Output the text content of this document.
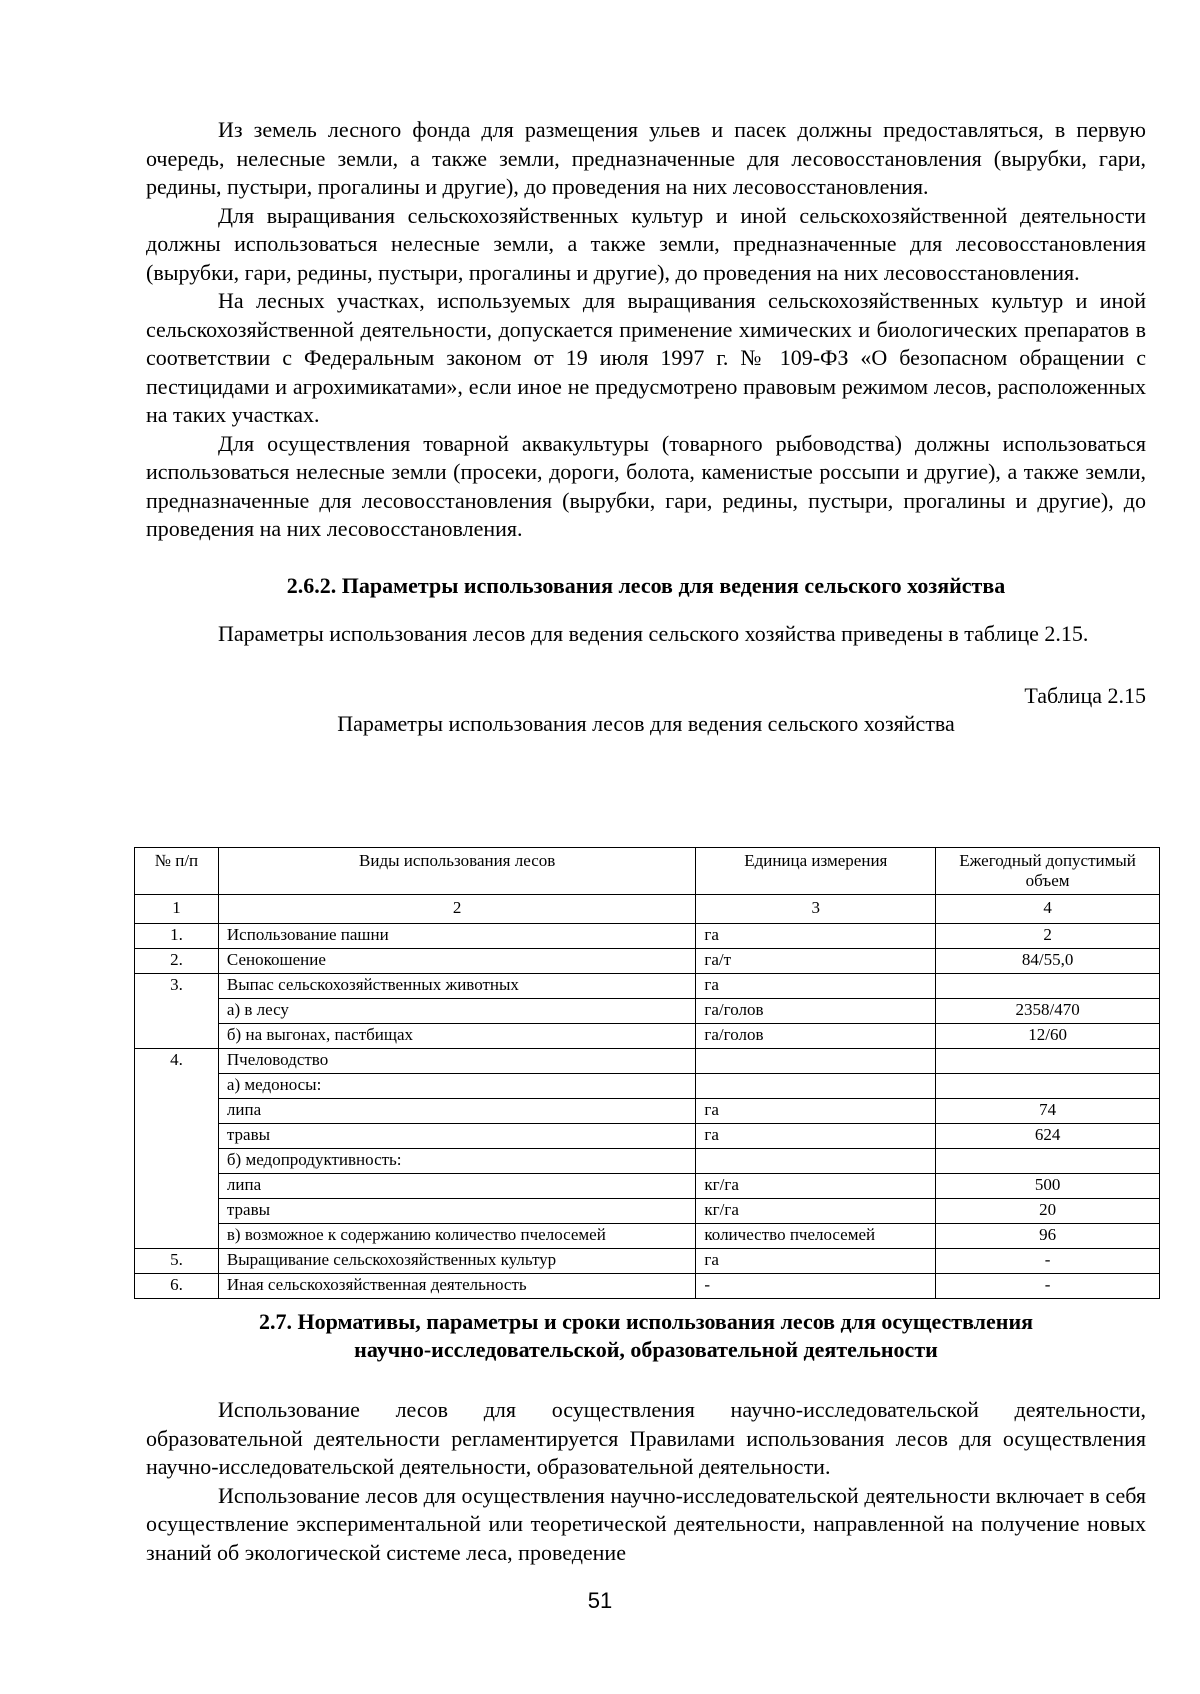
Из земель лесного фонда для размещения ульев и пасек должны предоставляться, в первую очередь, нелесные земли, а также земли, предназначенные для лесовосстановления (вырубки, гари, редины, пустыри, прогалины и другие), до проведения на них лесовосстановления.

Для выращивания сельскохозяйственных культур и иной сельскохозяйственной деятельности должны использоваться нелесные земли, а также земли, предназначенные для лесовосстановления (вырубки, гари, редины, пустыри, прогалины и другие), до проведения на них лесовосстановления.

На лесных участках, используемых для выращивания сельскохозяйственных культур и иной сельскохозяйственной деятельности, допускается применение химических и биологических препаратов в соответствии с Федеральным законом от 19 июля 1997 г. № 109-ФЗ «О безопасном обращении с пестицидами и агрохимикатами», если иное не предусмотрено правовым режимом лесов, расположенных на таких участках.

Для осуществления товарной аквакультуры (товарного рыбоводства) должны использоваться использоваться нелесные земли (просеки, дороги, болота, каменистые россыпи и другие), а также земли, предназначенные для лесовосстановления (вырубки, гари, редины, пустыри, прогалины и другие), до проведения на них лесовосстановления.

2.6.2. Параметры использования лесов для ведения сельского хозяйства

Параметры использования лесов для ведения сельского хозяйства приведены в таблице 2.15.

Таблица 2.15
Параметры использования лесов для ведения сельского хозяйства
№ п/п	Виды использования лесов	Единица измерения	Ежегодный допустимый объем
1	2	3	4
1.	Использование пашни	га	2
2.	Сенокошение	га/т	84/55,0
3.	Выпас сельскохозяйственных животных	га	
	а) в лесу	га/голов	2358/470
	б) на выгонах, пастбищах	га/голов	12/60
4.	Пчеловодство		
	а) медоносы:		
	липа	га	74
	травы	га	624
	б) медопродуктивность:		
	липа	кг/га	500
	травы	кг/га	20
	в) возможное к содержанию количество пчелосемей	количество пчелосемей	96
5.	Выращивание сельскохозяйственных культур	га	-
6.	Иная сельскохозяйственная деятельность	-	-

2.7. Нормативы, параметры и сроки использования лесов для осуществления

научно-исследовательской, образовательной деятельности

Использование лесов для осуществления научно-исследовательской деятельности, образовательной деятельности регламентируется Правилами использования лесов для осуществления научно-исследовательской деятельности, образовательной деятельности.

Использование лесов для осуществления научно-исследовательской деятельности включает в себя осуществление экспериментальной или теоретической деятельности, направленной на получение новых знаний об экологической системе леса, проведение

51
